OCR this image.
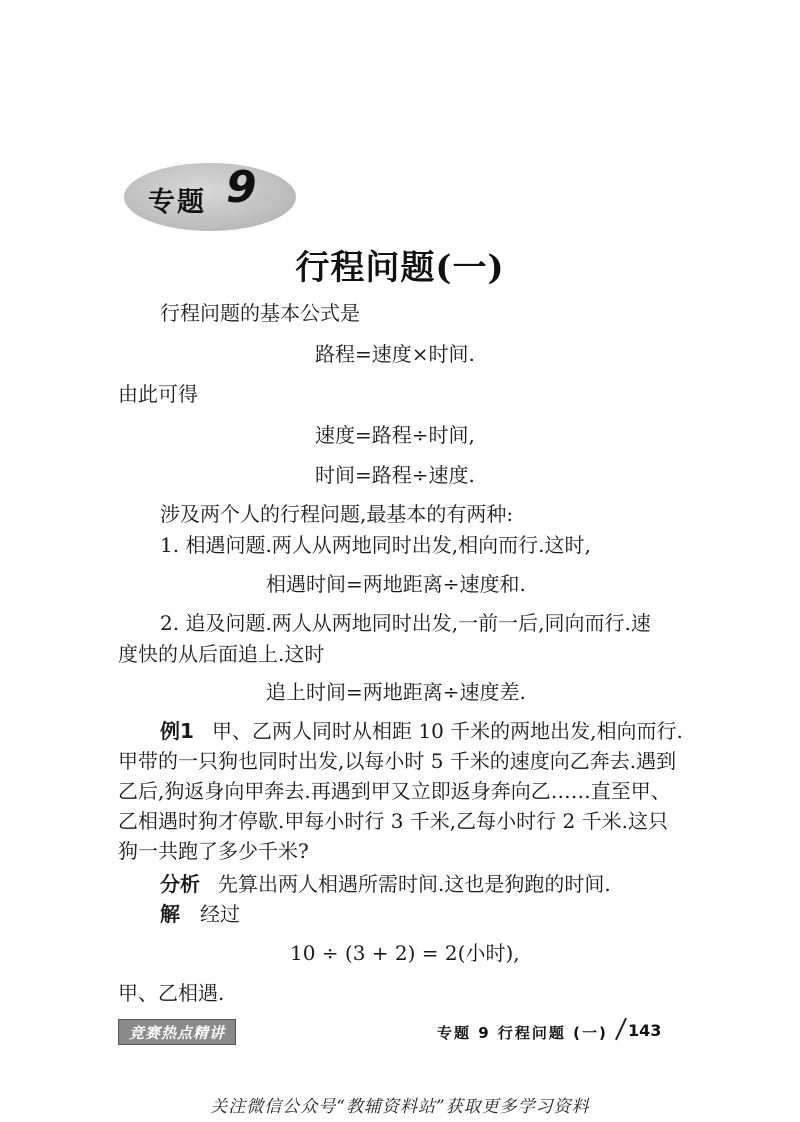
专题 9
行程问题(一)
行程问题的基本公式是
路程=速度×时间.
由此可得
速度=路程÷时间,
时间=路程÷速度.
涉及两个人的行程问题,最基本的有两种:
1. 相遇问题.两人从两地同时出发,相向而行.这时,
相遇时间=两地距离÷速度和.
2. 追及问题.两人从两地同时出发,一前一后,同向而行.速
度快的从后面追上.这时
追上时间=两地距离÷速度差.
例1 甲、乙两人同时从相距 10 千米的两地出发,相向而行.
甲带的一只狗也同时出发,以每小时 5 千米的速度向乙奔去.遇到
乙后,狗返身向甲奔去.再遇到甲又立即返身奔向乙……直至甲、
乙相遇时狗才停歇.甲每小时行 3 千米,乙每小时行 2 千米.这只
狗一共跑了多少千米?
分析 先算出两人相遇所需时间.这也是狗跑的时间.
解 经过
10 ÷ (3 + 2) = 2(小时),
甲、乙相遇.
竞赛热点精讲	专题 9 行程问题 (一) 143
关注微信公众号“教辅资料站”获取更多学习资料
